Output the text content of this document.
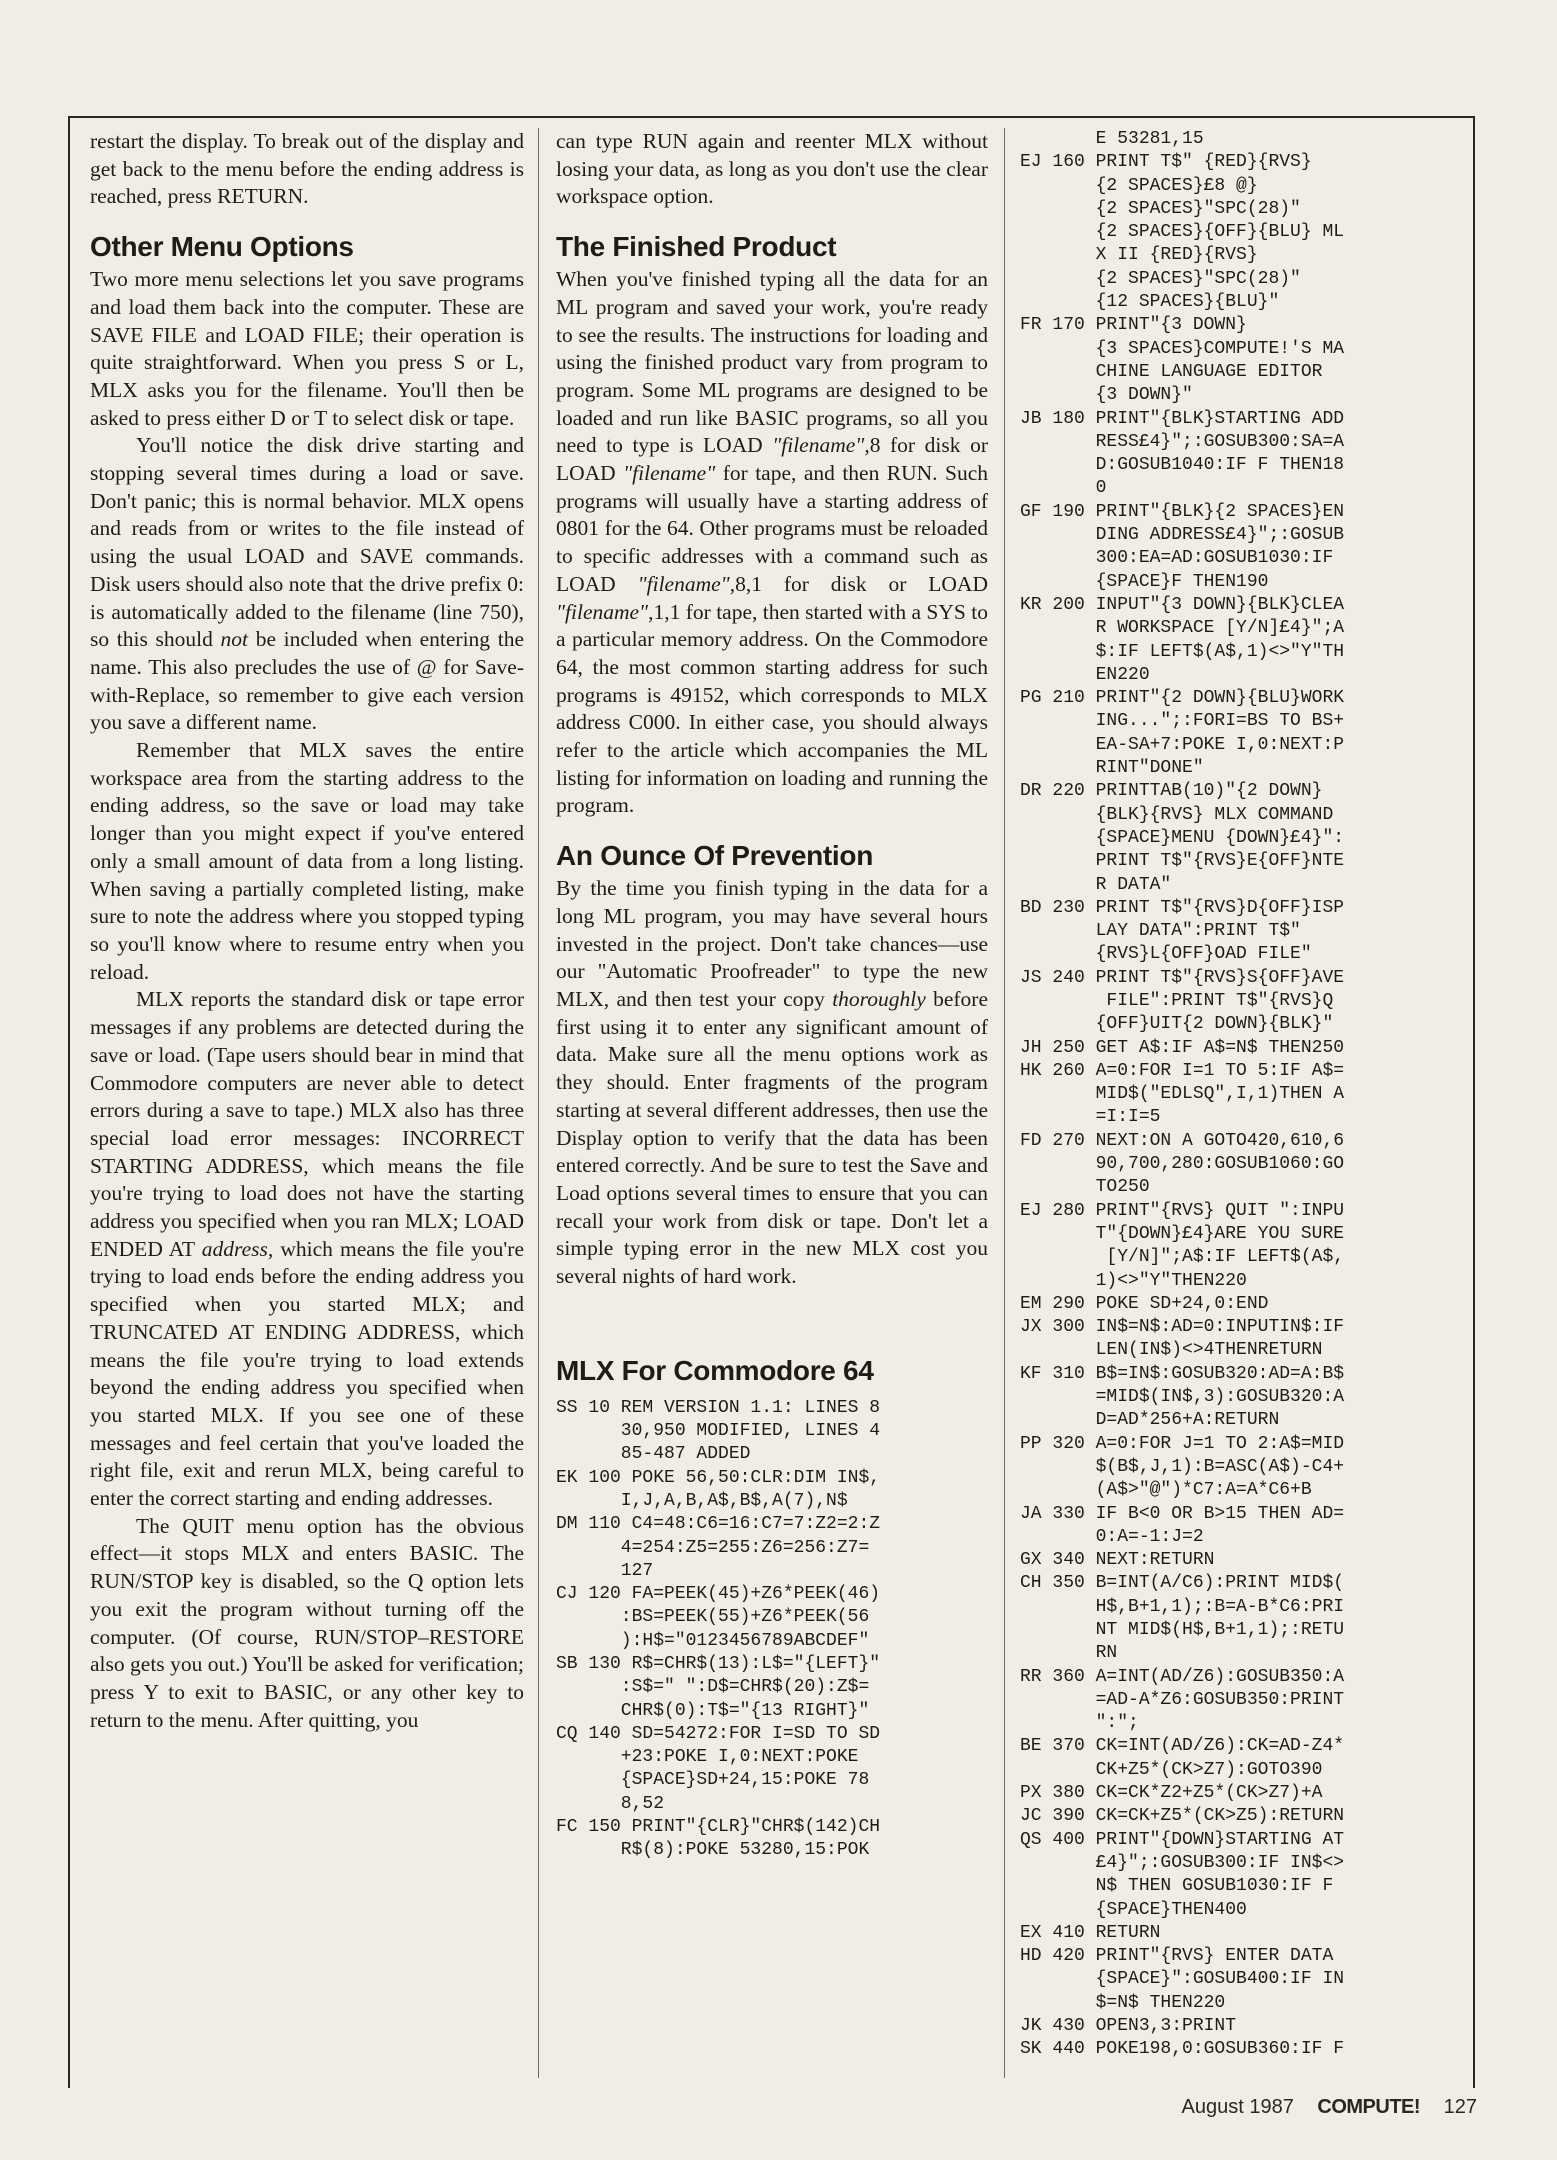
restart the display. To break out of the display and get back to the menu before the ending address is reached, press RETURN.

Other Menu Options

Two more menu selections let you save programs and load them back into the computer. These are SAVE FILE and LOAD FILE; their operation is quite straightforward. When you press S or L, MLX asks you for the filename. You'll then be asked to press either D or T to select disk or tape.

You'll notice the disk drive starting and stopping several times during a load or save. Don't panic; this is normal behavior. MLX opens and reads from or writes to the file instead of using the usual LOAD and SAVE commands. Disk users should also note that the drive prefix 0: is automatically added to the filename (line 750), so this should not be included when entering the name. This also precludes the use of @ for Save-with-Replace, so remember to give each version you save a different name.

Remember that MLX saves the entire workspace area from the starting address to the ending address, so the save or load may take longer than you might expect if you've entered only a small amount of data from a long listing. When saving a partially completed listing, make sure to note the address where you stopped typing so you'll know where to resume entry when you reload.

MLX reports the standard disk or tape error messages if any problems are detected during the save or load. (Tape users should bear in mind that Commodore computers are never able to detect errors during a save to tape.) MLX also has three special load error messages: INCORRECT STARTING ADDRESS, which means the file you're trying to load does not have the starting address you specified when you ran MLX; LOAD ENDED AT address, which means the file you're trying to load ends before the ending address you specified when you started MLX; and TRUNCATED AT ENDING ADDRESS, which means the file you're trying to load extends beyond the ending address you specified when you started MLX. If you see one of these messages and feel certain that you've loaded the right file, exit and rerun MLX, being careful to enter the correct starting and ending addresses.

The QUIT menu option has the obvious effect—it stops MLX and enters BASIC. The RUN/STOP key is disabled, so the Q option lets you exit the program without turning off the computer. (Of course, RUN/STOP–RESTORE also gets you out.) You'll be asked for verification; press Y to exit to BASIC, or any other key to return to the menu. After quitting, you

can type RUN again and reenter MLX without losing your data, as long as you don't use the clear workspace option.

The Finished Product

When you've finished typing all the data for an ML program and saved your work, you're ready to see the results. The instructions for loading and using the finished product vary from program to program. Some ML programs are designed to be loaded and run like BASIC programs, so all you need to type is LOAD "filename",8 for disk or LOAD "filename" for tape, and then RUN. Such programs will usually have a starting address of 0801 for the 64. Other programs must be reloaded to specific addresses with a command such as LOAD "filename",8,1 for disk or LOAD "filename",1,1 for tape, then started with a SYS to a particular memory address. On the Commodore 64, the most common starting address for such programs is 49152, which corresponds to MLX address C000. In either case, you should always refer to the article which accompanies the ML listing for information on loading and running the program.

An Ounce Of Prevention

By the time you finish typing in the data for a long ML program, you may have several hours invested in the project. Don't take chances—use our "Automatic Proofreader" to type the new MLX, and then test your copy thoroughly before first using it to enter any significant amount of data. Make sure all the menu options work as they should. Enter fragments of the program starting at several different addresses, then use the Display option to verify that the data has been entered correctly. And be sure to test the Save and Load options several times to ensure that you can recall your work from disk or tape. Don't let a simple typing error in the new MLX cost you several nights of hard work.

MLX For Commodore 64
SS 10 REM VERSION 1.1: LINES 8
30,950 MODIFIED, LINES 4
85-487 ADDED
EK 100 POKE 56,50:CLR:DIM IN$,
I,J,A,B,A$,B$,A(7),N$
DM 110 C4=48:C6=16:C7=7:Z2=2:Z
4=254:Z5=255:Z6=256:Z7=
127
CJ 120 FA=PEEK(45)+Z6*PEEK(46)
:BS=PEEK(55)+Z6*PEEK(56
):H$="0123456789ABCDEF"
SB 130 R$=CHR$(13):L$="{LEFT}"
:S$=" ":D$=CHR$(20):Z$=
CHR$(0):T$="{13 RIGHT}"
CQ 140 SD=54272:FOR I=SD TO SD
+23:POKE I,0:NEXT:POKE
{SPACE}SD+24,15:POKE 78
8,52
FC 150 PRINT"{CLR}"CHR$(142)CH
R$(8):POKE 53280,15:POK
E 53281,15
EJ 160 PRINT T$" {RED}{RVS}
{2 SPACES}£8 @}
{2 SPACES}"SPC(28)"
{2 SPACES}{OFF}{BLU} ML
X II {RED}{RVS}
{2 SPACES}"SPC(28)"
{12 SPACES}{BLU}"
FR 170 PRINT"{3 DOWN}
{3 SPACES}COMPUTE!'S MA
CHINE LANGUAGE EDITOR
{3 DOWN}"
JB 180 PRINT"{BLK}STARTING ADD
RESS£4}";:GOSUB300:SA=A
D:GOSUB1040:IF F THEN18
0
GF 190 PRINT"{BLK}{2 SPACES}EN
DING ADDRESS£4}";:GOSUB
300:EA=AD:GOSUB1030:IF
{SPACE}F THEN190
KR 200 INPUT"{3 DOWN}{BLK}CLEA
R WORKSPACE [Y/N]£4}";A
$:IF LEFT$(A$,1)<>"Y"TH
EN220
PG 210 PRINT"{2 DOWN}{BLU}WORK
ING...";:FORI=BS TO BS+
EA-SA+7:POKE I,0:NEXT:P
RINT"DONE"
DR 220 PRINTTAB(10)"{2 DOWN}
{BLK}{RVS} MLX COMMAND
{SPACE}MENU {DOWN}£4}":
PRINT T$"{RVS}E{OFF}NTE
R DATA"
BD 230 PRINT T$"{RVS}D{OFF}ISP
LAY DATA":PRINT T$"
{RVS}L{OFF}OAD FILE"
JS 240 PRINT T$"{RVS}S{OFF}AVE
FILE":PRINT T$"{RVS}Q
{OFF}UIT{2 DOWN}{BLK}"
JH 250 GET A$:IF A$=N$ THEN250
HK 260 A=0:FOR I=1 TO 5:IF A$=
MID$("EDLSQ",I,1)THEN A
=I:I=5
FD 270 NEXT:ON A GOTO420,610,6
90,700,280:GOSUB1060:GO
TO250
EJ 280 PRINT"{RVS} QUIT ":INPU
T"{DOWN}£4}ARE YOU SURE
[Y/N]";A$:IF LEFT$(A$,
1)<>"Y"THEN220
EM 290 POKE SD+24,0:END
JX 300 IN$=N$:AD=0:INPUTIN$:IF
LEN(IN$)<>4THENRETURN
KF 310 B$=IN$:GOSUB320:AD=A:B$
=MID$(IN$,3):GOSUB320:A
D=AD*256+A:RETURN
PP 320 A=0:FOR J=1 TO 2:A$=MID
$(B$,J,1):B=ASC(A$)-C4+
(A$>"@")*C7:A=A*C6+B
JA 330 IF B<0 OR B>15 THEN AD=
0:A=-1:J=2
GX 340 NEXT:RETURN
CH 350 B=INT(A/C6):PRINT MID$(
H$,B+1,1);:B=A-B*C6:PRI
NT MID$(H$,B+1,1);:RETU
RN
RR 360 A=INT(AD/Z6):GOSUB350:A
=AD-A*Z6:GOSUB350:PRINT
":";
BE 370 CK=INT(AD/Z6):CK=AD-Z4*
CK+Z5*(CK>Z7):GOTO390
PX 380 CK=CK*Z2+Z5*(CK>Z7)+A
JC 390 CK=CK+Z5*(CK>Z5):RETURN
QS 400 PRINT"{DOWN}STARTING AT
£4}";:GOSUB300:IF IN$<>
N$ THEN GOSUB1030:IF F
{SPACE}THEN400
EX 410 RETURN
HD 420 PRINT"{RVS} ENTER DATA
{SPACE}":GOSUB400:IF IN
$=N$ THEN220
JK 430 OPEN3,3:PRINT
SK 440 POKE198,0:GOSUB360:IF F
August 1987 COMPUTE! 127
